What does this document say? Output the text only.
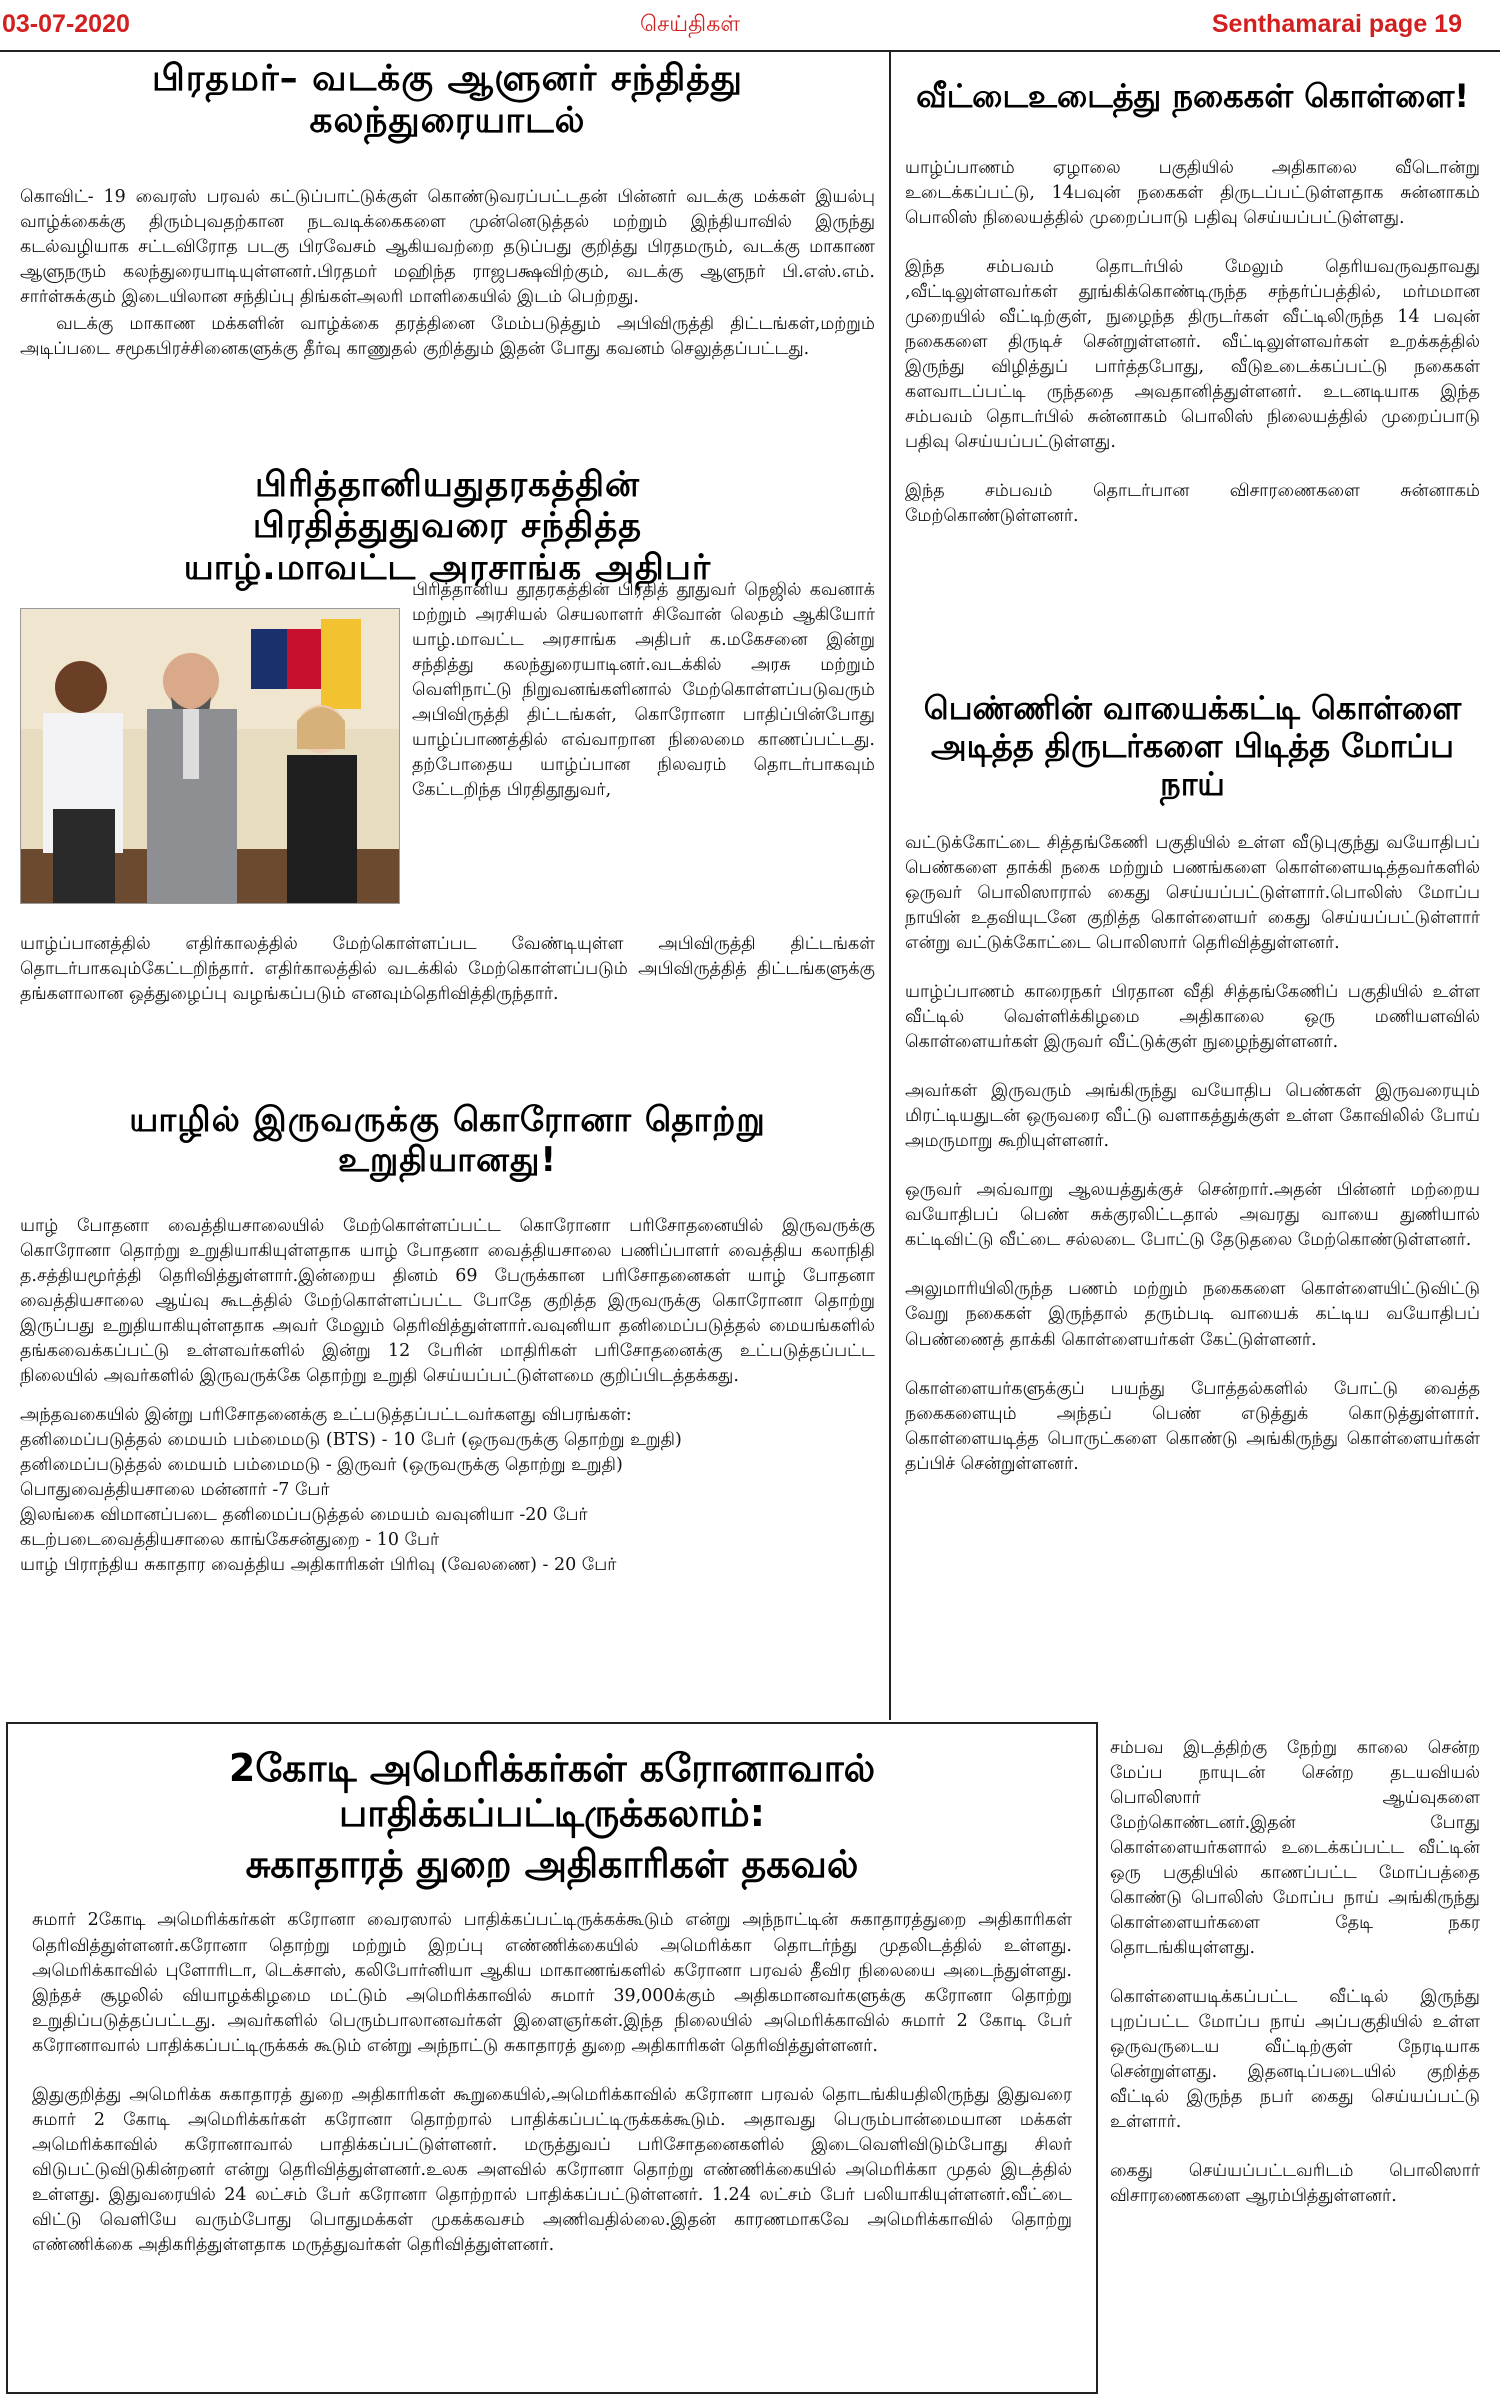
03-07-2020	செய்திகள்	Senthamarai page 19
பிரதமர்– வடக்கு ஆளுனர் சந்தித்து கலந்துரையாடல்
கொவிட்- 19 வைரஸ் பரவல் கட்டுப்பாட்டுக்குள் கொண்டுவரப்பட்டதன் பின்னர் வடக்கு மக்கள் இயல்பு வாழ்க்கைக்கு திரும்புவதற்கான நடவடிக்கைகளை முன்னெடுத்தல் மற்றும் இந்தியாவில் இருந்து கடல்வழியாக சட்டவிரோத படகு பிரவேசம் ஆகியவற்றை தடுப்பது குறித்து பிரதமரும், வடக்கு மாகாண ஆளுநரும் கலந்துரையாடியுள்ளனர்.பிரதமர் மஹிந்த ராஜபக்ஷவிற்கும், வடக்கு ஆளுநர் பி.எஸ்.எம். சார்ள்சுக்கும் இடையிலான சந்திப்பு திங்கள்அலரி மாளிகையில் இடம் பெற்றது.
வடக்கு மாகாண மக்களின் வாழ்க்கை தரத்தினை மேம்படுத்தும் அபிவிருத்தி திட்டங்கள்,மற்றும் அடிப்படை சமூகபிரச்சினைகளுக்கு தீர்வு காணுதல் குறித்தும் இதன் போது கவனம் செலுத்தப்பட்டது.
பிரித்தானியதுதரகத்தின் பிரதித்துதுவரை சந்தித்த யாழ்.மாவட்ட அரசாங்க அதிபர்
பிரித்தானிய தூதரகத்தின் பிரதித் தூதுவர் நெஜில் கவனாக் மற்றும் அரசியல் செயலாளர் சிவோன் லெதம் ஆகியோர் யாழ்.மாவட்ட அரசாங்க அதிபர் க.மகேசனை இன்று சந்தித்து கலந்துரையாடினர்.வடக்கில் அரசு மற்றும் வெளிநாட்டு நிறுவனங்களினால் மேற்கொள்ளப்படுவரும் அபிவிருத்தி திட்டங்கள், கொரோனா பாதிப்பின்போது யாழ்ப்பாணத்தில் எவ்வாறான நிலைமை காணப்பட்டது. தற்போதைய யாழ்ப்பான நிலவரம் தொடர்பாகவும் கேட்டறிந்த பிரதிதூதுவர்,
யாழ்ப்பானத்தில் எதிர்காலத்தில் மேற்கொள்ளப்பட வேண்டியுள்ள அபிவிருத்தி திட்டங்கள் தொடர்பாகவும்கேட்டறிந்தார். எதிர்காலத்தில் வடக்கில் மேற்கொள்ளப்படும் அபிவிருத்தித் திட்டங்களுக்கு தங்களாலான ஒத்துழைப்பு வழங்கப்படும் எனவும்தெரிவித்திருந்தார்.
யாழில் இருவருக்கு கொரோனா தொற்று உறுதியானது!
யாழ் போதனா வைத்தியசாலையில் மேற்கொள்ளப்பட்ட கொரோனா பரிசோதனையில் இருவருக்கு கொரோனா தொற்று உறுதியாகியுள்ளதாக யாழ் போதனா வைத்தியசாலை பணிப்பாளர் வைத்திய கலாநிதி த.சத்தியமூர்த்தி தெரிவித்துள்ளார்.இன்றைய தினம் 69 பேருக்கான பரிசோதனைகள் யாழ் போதனா வைத்தியசாலை ஆய்வு கூடத்தில் மேற்கொள்ளப்பட்ட போதே குறித்த இருவருக்கு கொரோனா தொற்று இருப்பது உறுதியாகியுள்ளதாக அவர் மேலும் தெரிவித்துள்ளார்.வவுனியா தனிமைப்படுத்தல் மையங்களில் தங்கவைக்கப்பட்டு உள்ளவர்களில் இன்று 12 பேரின் மாதிரிகள் பரிசோதனைக்கு உட்படுத்தப்பட்ட நிலையில் அவர்களில் இருவருக்கே தொற்று உறுதி செய்யப்பட்டுள்ளமை குறிப்பிடத்தக்கது.
அந்தவகையில் இன்று பரிசோதனைக்கு உட்படுத்தப்பட்டவர்களது விபரங்கள்:
தனிமைப்படுத்தல் மையம் பம்மைமடு (BTS) - 10 பேர் (ஒருவருக்கு தொற்று உறுதி)
தனிமைப்படுத்தல் மையம் பம்மைமடு - இருவர் (ஒருவருக்கு தொற்று உறுதி)
பொதுவைத்தியசாலை மன்னார் -7 பேர்
இலங்கை விமானப்படை தனிமைப்படுத்தல் மையம் வவுனியா -20 பேர்
கடற்படைவைத்தியசாலை காங்கேசன்துறை - 10 பேர்
யாழ் பிராந்திய சுகாதார வைத்திய அதிகாரிகள் பிரிவு (வேலணை) - 20 பேர்
வீட்டைஉடைத்து நகைகள் கொள்ளை!
யாழ்ப்பாணம் ஏழாலை பகுதியில் அதிகாலை வீடொன்று உடைக்கப்பட்டு, 14பவுன் நகைகள் திருடப்பட்டுள்ளதாக சுன்னாகம் பொலிஸ் நிலையத்தில் முறைப்பாடு பதிவு செய்யப்பட்டுள்ளது.
இந்த சம்பவம் தொடர்பில் மேலும் தெரியவருவதாவது ,வீட்டிலுள்ளவர்கள் தூங்கிக்கொண்டிருந்த சந்தர்ப்பத்தில், மர்மமான முறையில் வீட்டிற்குள், நுழைந்த திருடர்கள் வீட்டிலிருந்த 14 பவுன் நகைகளை திருடிச் சென்றுள்ளனர். வீட்டிலுள்ளவர்கள் உறக்கத்தில் இருந்து விழித்துப் பார்த்தபோது, வீடுஉடைக்கப்பட்டு நகைகள் களவாடப்பட்டி ருந்ததை அவதானித்துள்ளனர். உடனடியாக இந்த சம்பவம் தொடர்பில் சுன்னாகம் பொலிஸ் நிலையத்தில் முறைப்பாடு பதிவு செய்யப்பட்டுள்ளது.
இந்த சம்பவம் தொடர்பான விசாரணைகளை சுன்னாகம் மேற்கொண்டுள்ளனர்.
பெண்ணின் வாயைக்கட்டி கொள்ளை அடித்த திருடர்களை பிடித்த மோப்ப நாய்
வட்டுக்கோட்டை சித்தங்கேணி பகுதியில் உள்ள வீடுபுகுந்து வயோதிபப் பெண்களை தாக்கி நகை மற்றும் பணங்களை கொள்ளையடித்தவர்களில் ஒருவர் பொலிஸாரால் கைது செய்யப்பட்டுள்ளார்.பொலிஸ் மோப்ப நாயின் உதவியுடனே குறித்த கொள்ளையர் கைது செய்யப்பட்டுள்ளார் என்று வட்டுக்கோட்டை பொலிஸார் தெரிவித்துள்ளனர்.
யாழ்ப்பாணம் காரைநகர் பிரதான வீதி சித்தங்கேணிப் பகுதியில் உள்ள வீட்டில் வெள்ளிக்கிழமை அதிகாலை ஒரு மணியளவில் கொள்ளையர்கள் இருவர் வீட்டுக்குள் நுழைந்துள்ளனர்.
அவர்கள் இருவரும் அங்கிருந்து வயோதிப பெண்கள் இருவரையும் மிரட்டியதுடன் ஒருவரை வீட்டு வளாகத்துக்குள் உள்ள கோவிலில் போய் அமருமாறு கூறியுள்ளனர்.
ஒருவர் அவ்வாறு ஆலயத்துக்குச் சென்றார்.அதன் பின்னர் மற்றைய வயோதிபப் பெண் சுக்குரலிட்டதால் அவரது வாயை துணியால் கட்டிவிட்டு வீட்டை சல்லடை போட்டு தேடுதலை மேற்கொண்டுள்ளனர்.
அலுமாரியிலிருந்த பணம் மற்றும் நகைகளை கொள்ளையிட்டுவிட்டு வேறு நகைகள் இருந்தால் தரும்படி வாயைக் கட்டிய வயோதிபப் பெண்ணைத் தாக்கி கொள்ளையர்கள் கேட்டுள்ளனர்.
கொள்ளையர்களுக்குப் பயந்து போத்தல்களில் போட்டு வைத்த நகைகளையும் அந்தப் பெண் எடுத்துக் கொடுத்துள்ளார். கொள்ளையடித்த பொருட்களை கொண்டு அங்கிருந்து கொள்ளையர்கள் தப்பிச் சென்றுள்ளனர்.
2கோடி அமெரிக்கர்கள் கரோனாவால் பாதிக்கப்பட்டிருக்கலாம்:
சுகாதாரத் துறை அதிகாரிகள் தகவல்
சுமார் 2கோடி அமெரிக்கர்கள் கரோனா வைரஸால் பாதிக்கப்பட்டிருக்கக்கூடும் என்று அந்நாட்டின் சுகாதாரத்துறை அதிகாரிகள் தெரிவித்துள்ளனர்.கரோனா தொற்று மற்றும் இறப்பு எண்ணிக்கையில் அமெரிக்கா தொடர்ந்து முதலிடத்தில் உள்ளது. அமெரிக்காவில் புளோரிடா, டெக்சாஸ், கலிபோர்னியா ஆகிய மாகாணங்களில் கரோனா பரவல் தீவிர நிலையை அடைந்துள்ளது. இந்தச் சூழலில் வியாழக்கிழமை மட்டும் அமெரிக்காவில் சுமார் 39,000க்கும் அதிகமானவர்களுக்கு கரோனா தொற்று உறுதிப்படுத்தப்பட்டது. அவர்களில் பெரும்பாலானவர்கள் இளைஞர்கள்.இந்த நிலையில் அமெரிக்காவில் சுமார் 2 கோடி பேர் கரோனாவால் பாதிக்கப்பட்டிருக்கக் கூடும் என்று அந்நாட்டு சுகாதாரத் துறை அதிகாரிகள் தெரிவித்துள்ளனர்.
இதுகுறித்து அமெரிக்க சுகாதாரத் துறை அதிகாரிகள் கூறுகையில்,அமெரிக்காவில் கரோனா பரவல் தொடங்கியதிலிருந்து இதுவரை சுமார் 2 கோடி அமெரிக்கர்கள் கரோனா தொற்றால் பாதிக்கப்பட்டிருக்கக்கூடும். அதாவது பெரும்பான்மையான மக்கள் அமெரிக்காவில் கரோனாவால் பாதிக்கப்பட்டுள்ளனர். மருத்துவப் பரிசோதனைகளில் இடைவெளிவிடும்போது சிலர் விடுபட்டுவிடுகின்றனர் என்று தெரிவித்துள்ளனர்.உலக அளவில் கரோனா தொற்று எண்ணிக்கையில் அமெரிக்கா முதல் இடத்தில் உள்ளது. இதுவரையில் 24 லட்சம் பேர் கரோனா தொற்றால் பாதிக்கப்பட்டுள்ளனர். 1.24 லட்சம் பேர் பலியாகியுள்ளனர்.வீட்டை விட்டு வெளியே வரும்போது பொதுமக்கள் முகக்கவசம் அணிவதில்லை.இதன் காரணமாகவே அமெரிக்காவில் தொற்று எண்ணிக்கை அதிகரித்துள்ளதாக மருத்துவர்கள் தெரிவித்துள்ளனர்.
சம்பவ இடத்திற்கு நேற்று காலை சென்ற மேப்ப நாயுடன் சென்ற தடயவியல் பொலிஸார் ஆய்வுகளை மேற்கொண்டனர்.இதன் போது கொள்ளையர்களால் உடைக்கப்பட்ட வீட்டின் ஒரு பகுதியில் காணப்பட்ட மோப்பத்தை கொண்டு பொலிஸ் மோப்ப நாய் அங்கிருந்து கொள்ளையர்களை தேடி நகர தொடங்கியுள்ளது.
கொள்ளையடிக்கப்பட்ட வீட்டில் இருந்து புறப்பட்ட மோப்ப நாய் அப்பகுதியில் உள்ள ஒருவருடைய வீட்டிற்குள் நேரடியாக சென்றுள்ளது. இதனடிப்படையில் குறித்த வீட்டில் இருந்த நபர் கைது செய்யப்பட்டு உள்ளார்.
கைது செய்யப்பட்டவரிடம் பொலிஸார் விசாரணைகளை ஆரம்பித்துள்ளனர்.
